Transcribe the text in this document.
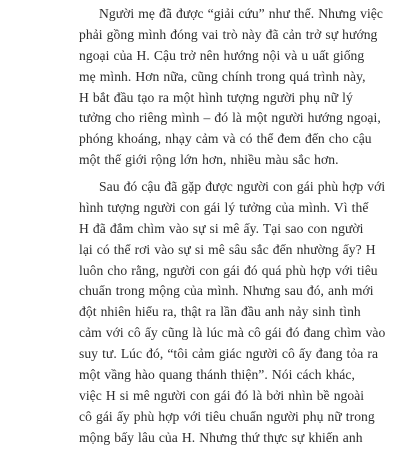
Người mẹ đã được “giải cứu” như thế. Nhưng việc
phải gồng mình đóng vai trò này đã cản trở sự hướng
ngoại của H. Cậu trở nên hướng nội và u uất giống
mẹ mình. Hơn nữa, cũng chính trong quá trình này,
H bắt đầu tạo ra một hình tượng người phụ nữ lý
tưởng cho riêng mình – đó là một người hướng ngoại,
phóng khoáng, nhạy cảm và có thể đem đến cho cậu
một thế giới rộng lớn hơn, nhiều màu sắc hơn.
Sau đó cậu đã gặp được người con gái phù hợp với
hình tượng người con gái lý tưởng của mình. Vì thế
H đã đắm chìm vào sự si mê ấy. Tại sao con người
lại có thể rơi vào sự si mê sâu sắc đến nhường ấy? H
luôn cho rằng, người con gái đó quá phù hợp với tiêu
chuẩn trong mộng của mình. Nhưng sau đó, anh mới
đột nhiên hiểu ra, thật ra lần đầu anh nảy sinh tình
cảm với cô ấy cũng là lúc mà cô gái đó đang chìm vào
suy tư. Lúc đó, “tôi cảm giác người cô ấy đang tỏa ra
một vầng hào quang thánh thiện”. Nói cách khác,
việc H si mê người con gái đó là bởi nhìn bề ngoài
cô gái ấy phù hợp với tiêu chuẩn người phụ nữ trong
mộng bấy lâu của H. Nhưng thứ thực sự khiến anh
